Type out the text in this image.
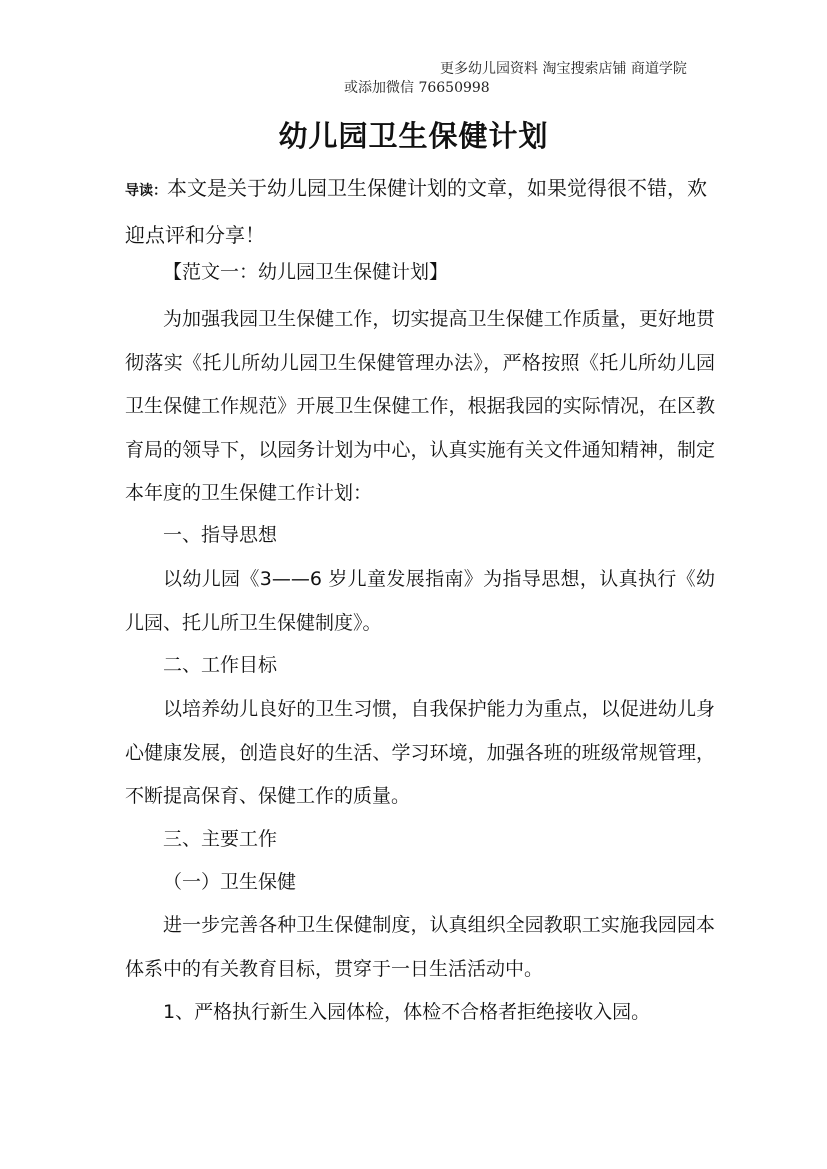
更多幼儿园资料 淘宝搜索店铺 商道学院
或添加微信 76650998
幼儿园卫生保健计划
导读：本文是关于幼儿园卫生保健计划的文章，如果觉得很不错，欢迎点评和分享！
【范文一：幼儿园卫生保健计划】
为加强我园卫生保健工作，切实提高卫生保健工作质量，更好地贯彻落实《托儿所幼儿园卫生保健管理办法》，严格按照《托儿所幼儿园卫生保健工作规范》开展卫生保健工作，根据我园的实际情况，在区教育局的领导下，以园务计划为中心，认真实施有关文件通知精神，制定本年度的卫生保健工作计划：
一、指导思想
以幼儿园《3——6 岁儿童发展指南》为指导思想，认真执行《幼儿园、托儿所卫生保健制度》。
二、工作目标
以培养幼儿良好的卫生习惯，自我保护能力为重点，以促进幼儿身心健康发展，创造良好的生活、学习环境，加强各班的班级常规管理，不断提高保育、保健工作的质量。
三、主要工作
（一）卫生保健
进一步完善各种卫生保健制度，认真组织全园教职工实施我园园本体系中的有关教育目标，贯穿于一日生活活动中。
1、严格执行新生入园体检，体检不合格者拒绝接收入园。
